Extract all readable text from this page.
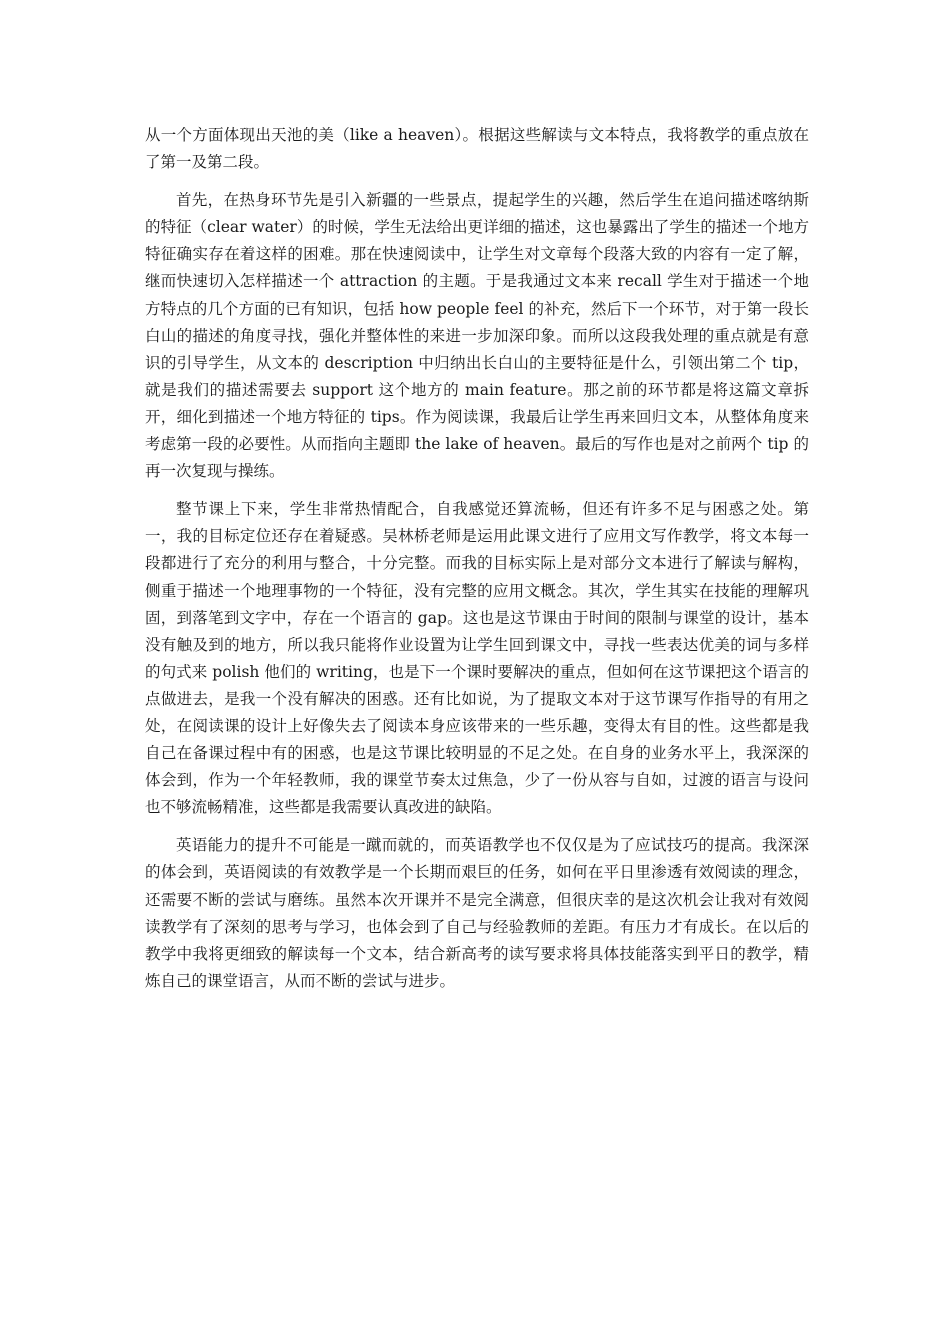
从一个方面体现出天池的美（like a heaven）。根据这些解读与文本特点，我将教学的重点放在了第一及第二段。

首先，在热身环节先是引入新疆的一些景点，提起学生的兴趣，然后学生在追问描述喀纳斯的特征（clear water）的时候，学生无法给出更详细的描述，这也暴露出了学生的描述一个地方特征确实存在着这样的困难。那在快速阅读中，让学生对文章每个段落大致的内容有一定了解，继而快速切入怎样描述一个 attraction 的主题。于是我通过文本来 recall 学生对于描述一个地方特点的几个方面的已有知识，包括 how people feel 的补充，然后下一个环节，对于第一段长白山的描述的角度寻找，强化并整体性的来进一步加深印象。而所以这段我处理的重点就是有意识的引导学生，从文本的 description 中归纳出长白山的主要特征是什么，引领出第二个 tip，就是我们的描述需要去 support 这个地方的 main feature。那之前的环节都是将这篇文章拆开，细化到描述一个地方特征的 tips。作为阅读课，我最后让学生再来回归文本，从整体角度来考虑第一段的必要性。从而指向主题即 the lake of heaven。最后的写作也是对之前两个 tip 的再一次复现与操练。

整节课上下来，学生非常热情配合，自我感觉还算流畅，但还有许多不足与困惑之处。第一，我的目标定位还存在着疑惑。吴林桥老师是运用此课文进行了应用文写作教学，将文本每一段都进行了充分的利用与整合，十分完整。而我的目标实际上是对部分文本进行了解读与解构，侧重于描述一个地理事物的一个特征，没有完整的应用文概念。其次，学生其实在技能的理解巩固，到落笔到文字中，存在一个语言的 gap。这也是这节课由于时间的限制与课堂的设计，基本没有触及到的地方，所以我只能将作业设置为让学生回到课文中，寻找一些表达优美的词与多样的句式来 polish 他们的 writing，也是下一个课时要解决的重点，但如何在这节课把这个语言的点做进去，是我一个没有解决的困惑。还有比如说，为了提取文本对于这节课写作指导的有用之处，在阅读课的设计上好像失去了阅读本身应该带来的一些乐趣，变得太有目的性。这些都是我自己在备课过程中有的困惑，也是这节课比较明显的不足之处。在自身的业务水平上，我深深的体会到，作为一个年轻教师，我的课堂节奏太过焦急，少了一份从容与自如，过渡的语言与设问也不够流畅精准，这些都是我需要认真改进的缺陷。

英语能力的提升不可能是一蹴而就的，而英语教学也不仅仅是为了应试技巧的提高。我深深的体会到，英语阅读的有效教学是一个长期而艰巨的任务，如何在平日里渗透有效阅读的理念，还需要不断的尝试与磨练。虽然本次开课并不是完全满意，但很庆幸的是这次机会让我对有效阅读教学有了深刻的思考与学习，也体会到了自己与经验教师的差距。有压力才有成长。在以后的教学中我将更细致的解读每一个文本，结合新高考的读写要求将具体技能落实到平日的教学，精炼自己的课堂语言，从而不断的尝试与进步。
